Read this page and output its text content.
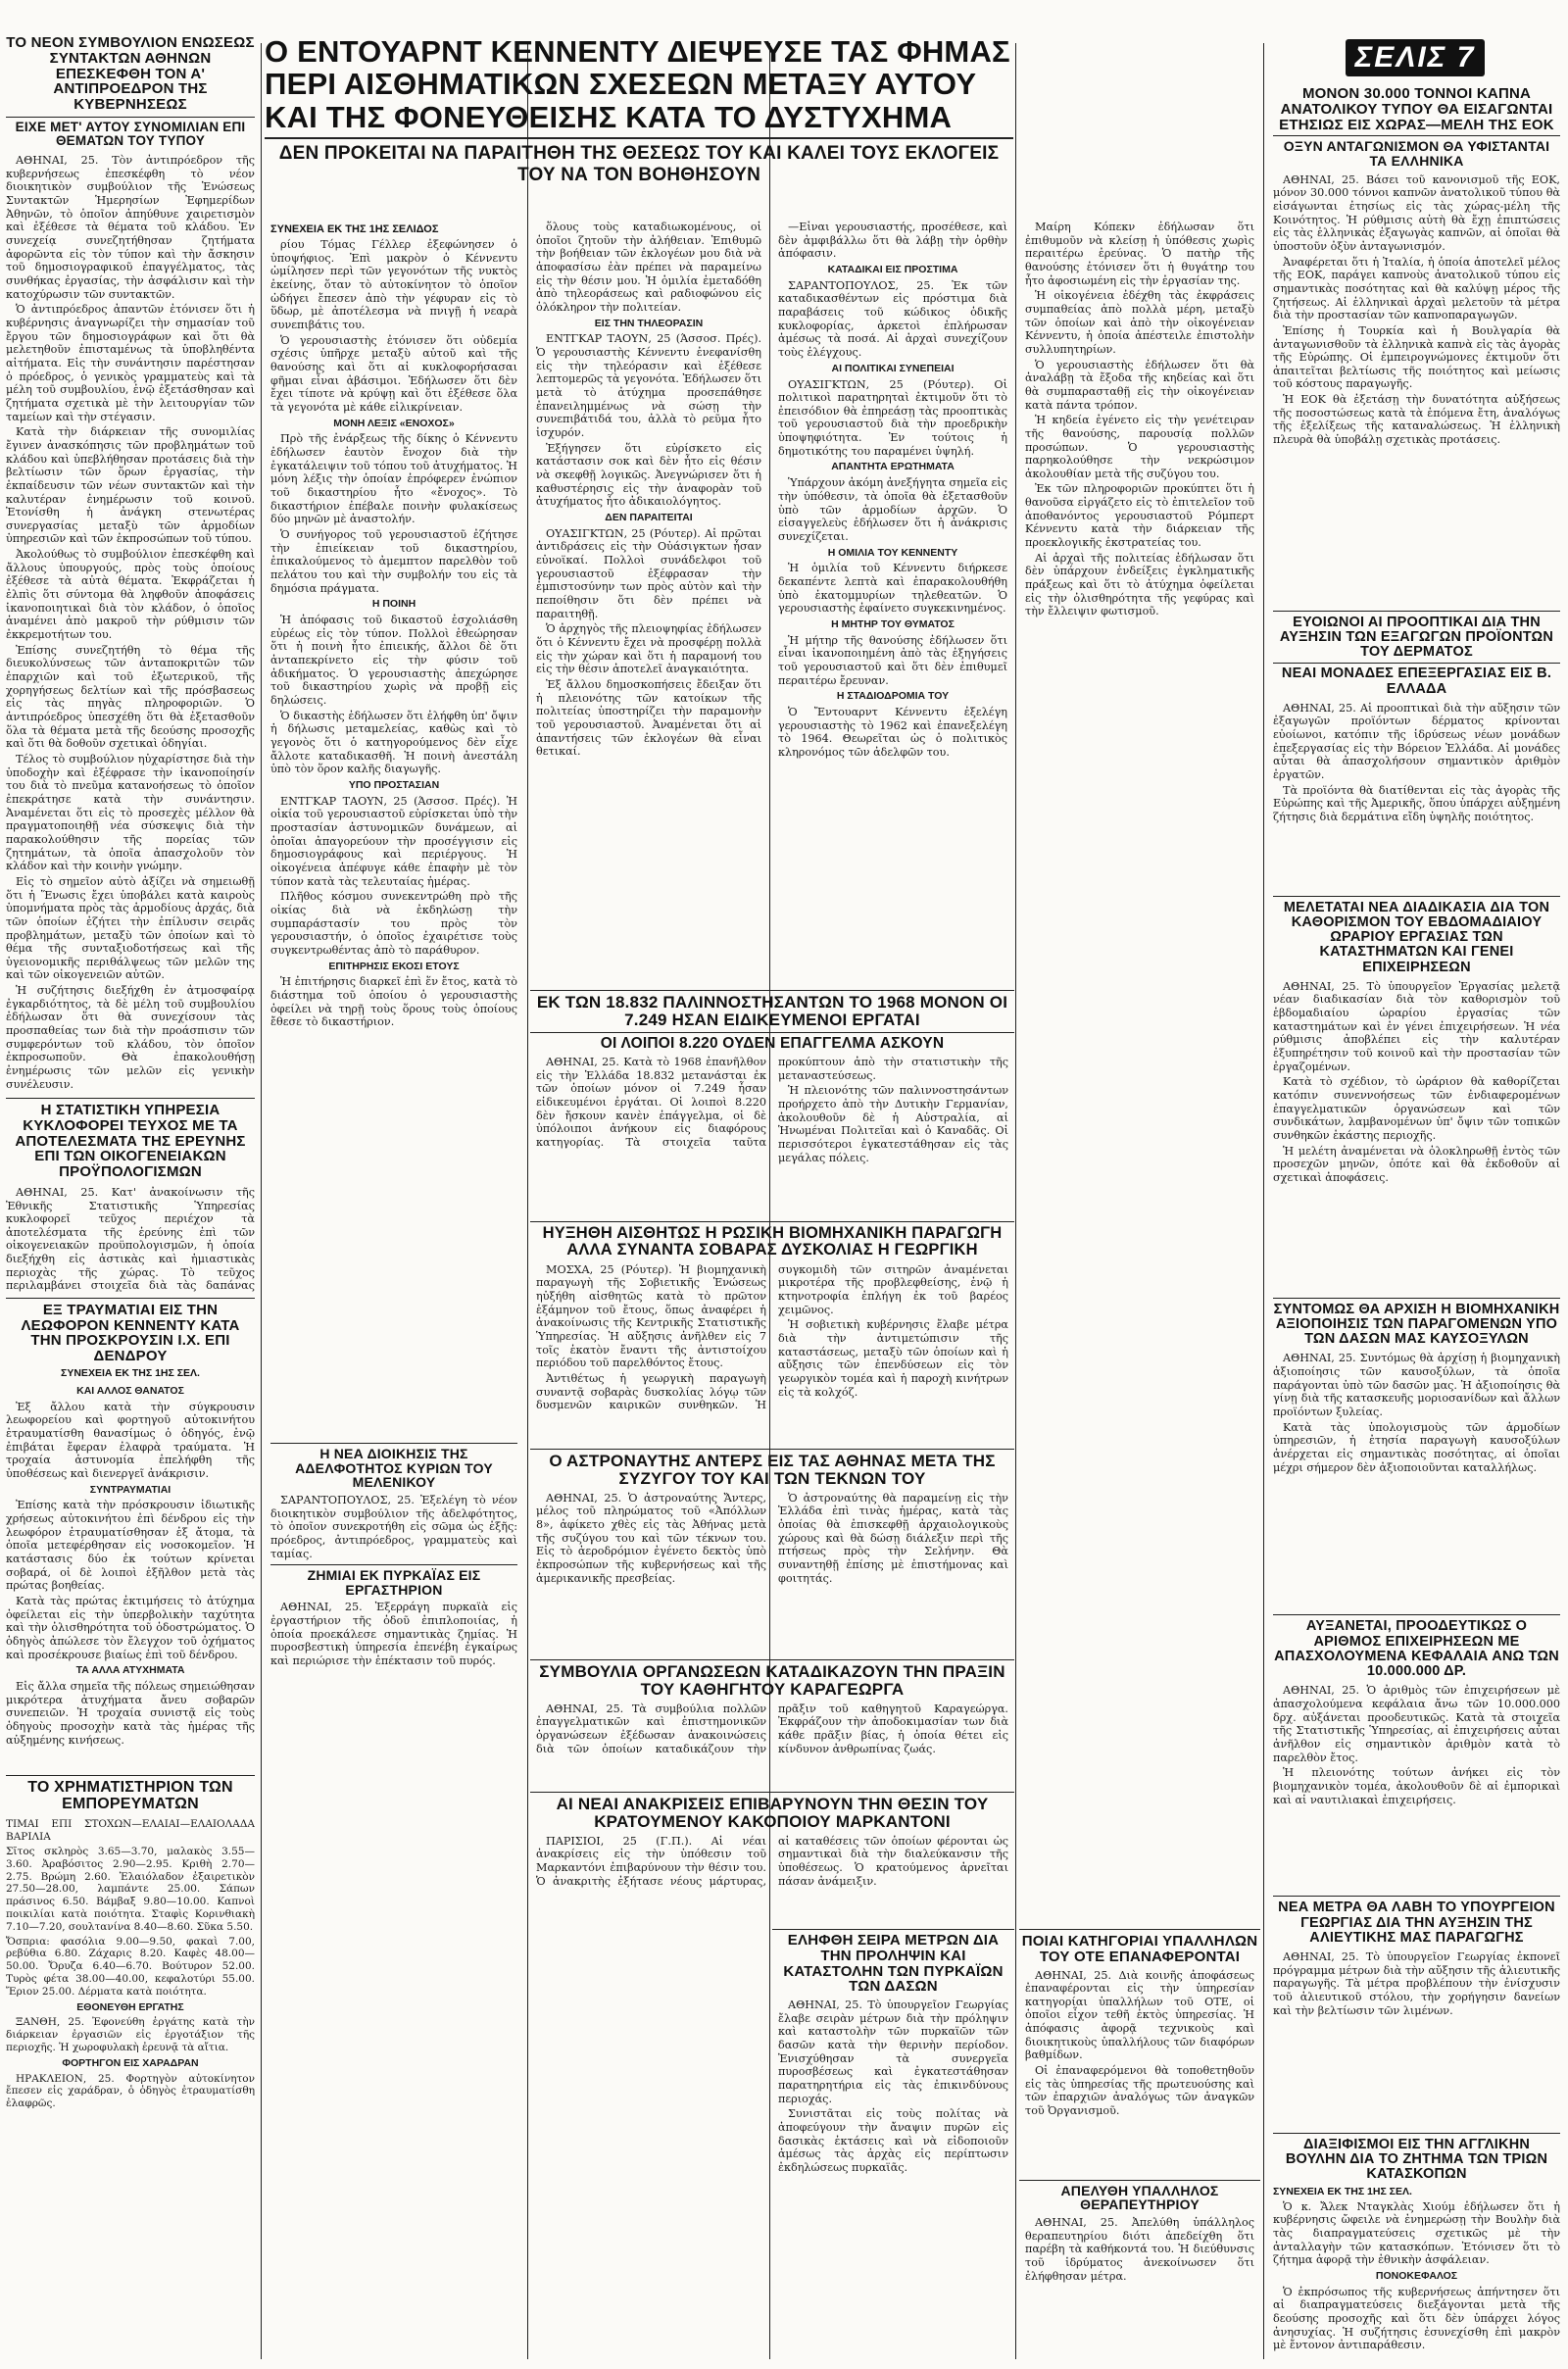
ΤΟ ΝΕΟΝ ΣΥΜΒΟΥΛΙΟΝ ΕΝΩΣΕΩΣ ΣΥΝΤΑΚΤΩΝ ΑΘΗΝΩΝ ΕΠΕΣΚΕΦΘΗ ΤΟΝ Α' ΑΝΤΙΠΡΟΕΔΡΟΝ ΤΗΣ ΚΥΒΕΡΝΗΣΕΩΣ
ΕΙΧΕ ΜΕΤ' ΑΥΤΟΥ ΣΥΝΟΜΙΛΙΑΝ ΕΠΙ ΘΕΜΑΤΩΝ ΤΟΥ ΤΥΠΟΥ

ΑΘΗΝΑΙ, 25. Τὸν ἀντιπρόεδρον τῆς κυβερνήσεως ἐπεσκέφθη τὸ νέον διοικητικὸν συμβούλιον τῆς Ἑνώσεως Συντακτῶν Ἡμερησίων Ἐφημερίδων Ἀθηνῶν, τὸ ὁποῖον ἀπηύθυνε χαιρετισμὸν καὶ ἐξέθεσε τὰ θέματα τοῦ κλάδου. Ἐν συνεχείᾳ συνεζητήθησαν ζητήματα ἀφορῶντα εἰς τὸν τύπον καὶ τὴν ἄσκησιν τοῦ δημοσιογραφικοῦ ἐπαγγέλματος, τὰς συνθήκας ἐργασίας, τὴν ἀσφάλισιν καὶ τὴν κατοχύρωσιν τῶν συντακτῶν.

Ὁ ἀντιπρόεδρος ἀπαντῶν ἐτόνισεν ὅτι ἡ κυβέρνησις ἀναγνωρίζει τὴν σημασίαν τοῦ ἔργου τῶν δημοσιογράφων καὶ ὅτι θὰ μελετηθοῦν ἐπισταμένως τὰ ὑποβληθέντα αἰτήματα. Εἰς τὴν συνάντησιν παρέστησαν ὁ πρόεδρος, ὁ γενικὸς γραμματεὺς καὶ τὰ μέλη τοῦ συμβουλίου, ἐνῷ ἐξετάσθησαν καὶ ζητήματα σχετικὰ μὲ τὴν λειτουργίαν τῶν ταμείων καὶ τὴν στέγασιν.

Κατὰ τὴν διάρκειαν τῆς συνομιλίας ἔγινεν ἀνασκόπησις τῶν προβλημάτων τοῦ κλάδου καὶ ὑπεβλήθησαν προτάσεις διὰ τὴν βελτίωσιν τῶν ὅρων ἐργασίας, τὴν ἐκπαίδευσιν τῶν νέων συντακτῶν καὶ τὴν καλυτέραν ἐνημέρωσιν τοῦ κοινοῦ. Ἐτονίσθη ἡ ἀνάγκη στενωτέρας συνεργασίας μεταξὺ τῶν ἁρμοδίων ὑπηρεσιῶν καὶ τῶν ἐκπροσώπων τοῦ τύπου.

Ἀκολούθως τὸ συμβούλιον ἐπεσκέφθη καὶ ἄλλους ὑπουργούς, πρὸς τοὺς ὁποίους ἐξέθεσε τὰ αὐτὰ θέματα. Ἐκφράζεται ἡ ἐλπὶς ὅτι σύντομα θὰ ληφθοῦν ἀποφάσεις ἱκανοποιητικαὶ διὰ τὸν κλάδον, ὁ ὁποῖος ἀναμένει ἀπὸ μακροῦ τὴν ρύθμισιν τῶν ἐκκρεμοτήτων του.

Ἐπίσης συνεζητήθη τὸ θέμα τῆς διευκολύνσεως τῶν ἀνταποκριτῶν τῶν ἐπαρχιῶν καὶ τοῦ ἐξωτερικοῦ, τῆς χορηγήσεως δελτίων καὶ τῆς πρόσβασεως εἰς τὰς πηγὰς πληροφοριῶν. Ὁ ἀντιπρόεδρος ὑπεσχέθη ὅτι θὰ ἐξετασθοῦν ὅλα τὰ θέματα μετὰ τῆς δεούσης προσοχῆς καὶ ὅτι θὰ δοθοῦν σχετικαὶ ὁδηγίαι.

Τέλος τὸ συμβούλιον ηὐχαρίστησε διὰ τὴν ὑποδοχὴν καὶ ἐξέφρασε τὴν ἱκανοποίησίν του διὰ τὸ πνεῦμα κατανοήσεως τὸ ὁποῖον ἐπεκράτησε κατὰ τὴν συνάντησιν. Ἀναμένεται ὅτι εἰς τὸ προσεχὲς μέλλον θὰ πραγματοποιηθῇ νέα σύσκεψις διὰ τὴν παρακολούθησιν τῆς πορείας τῶν ζητημάτων, τὰ ὁποῖα ἀπασχολοῦν τὸν κλάδον καὶ τὴν κοινὴν γνώμην.

Εἰς τὸ σημεῖον αὐτὸ ἀξίζει νὰ σημειωθῇ ὅτι ἡ Ἕνωσις ἔχει ὑποβάλει κατὰ καιροὺς ὑπομνήματα πρὸς τὰς ἁρμοδίους ἀρχάς, διὰ τῶν ὁποίων ἐζήτει τὴν ἐπίλυσιν σειρᾶς προβλημάτων, μεταξὺ τῶν ὁποίων καὶ τὸ θέμα τῆς συνταξιοδοτήσεως καὶ τῆς ὑγειονομικῆς περιθάλψεως τῶν μελῶν της καὶ τῶν οἰκογενειῶν αὐτῶν.

Ἡ συζήτησις διεξήχθη ἐν ἀτμοσφαίρᾳ ἐγκαρδιότητος, τὰ δὲ μέλη τοῦ συμβουλίου ἐδήλωσαν ὅτι θὰ συνεχίσουν τὰς προσπαθείας των διὰ τὴν προάσπισιν τῶν συμφερόντων τοῦ κλάδου, τὸν ὁποῖον ἐκπροσωποῦν. Θὰ ἐπακολουθήσῃ ἐνημέρωσις τῶν μελῶν εἰς γενικὴν συνέλευσιν.

Η ΣΤΑΤΙΣΤΙΚΗ ΥΠΗΡΕΣΙΑ ΚΥΚΛΟΦΟΡΕΙ ΤΕΥΧΟΣ ΜΕ ΤΑ ΑΠΟΤΕΛΕΣΜΑΤΑ ΤΗΣ ΕΡΕΥΝΗΣ ΕΠΙ ΤΩΝ ΟΙΚΟΓΕΝΕΙΑΚΩΝ ΠΡΟΫΠΟΛΟΓΙΣΜΩΝ

ΑΘΗΝΑΙ, 25. Κατ' ἀνακοίνωσιν τῆς Ἐθνικῆς Στατιστικῆς Ὑπηρεσίας κυκλοφορεῖ τεῦχος περιέχον τὰ ἀποτελέσματα τῆς ἐρεύνης ἐπὶ τῶν οἰκογενειακῶν προϋπολογισμῶν, ἡ ὁποία διεξήχθη εἰς ἀστικὰς καὶ ἡμιαστικὰς περιοχὰς τῆς χώρας. Τὸ τεῦχος περιλαμβάνει στοιχεῖα διὰ τὰς δαπάνας

ΕΞ ΤΡΑΥΜΑΤΙΑΙ ΕΙΣ ΤΗΝ ΛΕΩΦΟΡΟΝ ΚΕΝΝΕΝΤΥ ΚΑΤΑ ΤΗΝ ΠΡΟΣΚΡΟΥΣΙΝ Ι.Χ. ΕΠΙ ΔΕΝΔΡΟΥ
ΣΥΝΕΧΕΙΑ ΕΚ ΤΗΣ 1ΗΣ ΣΕΛ.
ΚΑΙ ΑΛΛΟΣ ΘΑΝΑΤΟΣ

Ἐξ ἄλλου κατὰ τὴν σύγκρουσιν λεωφορείου καὶ φορτηγοῦ αὐτοκινήτου ἐτραυματίσθη θανασίμως ὁ ὁδηγός, ἐνῷ ἐπιβάται ἔφεραν ἐλαφρὰ τραύματα. Ἡ τροχαία ἀστυνομία ἐπελήφθη τῆς ὑποθέσεως καὶ διενεργεῖ ἀνάκρισιν.

ΣΥΝΤΡΑΥΜΑΤΙΑΙ

Ἐπίσης κατὰ τὴν πρόσκρουσιν ἰδιωτικῆς χρήσεως αὐτοκινήτου ἐπὶ δένδρου εἰς τὴν λεωφόρον ἐτραυματίσθησαν ἐξ ἄτομα, τὰ ὁποῖα μετεφέρθησαν εἰς νοσοκομεῖον. Ἡ κατάστασις δύο ἐκ τούτων κρίνεται σοβαρά, οἱ δὲ λοιποὶ ἐξῆλθον μετὰ τὰς πρώτας βοηθείας.

Κατὰ τὰς πρώτας ἐκτιμήσεις τὸ ἀτύχημα ὀφείλεται εἰς τὴν ὑπερβολικὴν ταχύτητα καὶ τὴν ὀλισθηρότητα τοῦ ὁδοστρώματος. Ὁ ὁδηγὸς ἀπώλεσε τὸν ἔλεγχον τοῦ ὀχήματος καὶ προσέκρουσε βιαίως ἐπὶ τοῦ δένδρου.

ΤΑ ΑΛΛΑ ΑΤΥΧΗΜΑΤΑ

Εἰς ἄλλα σημεῖα τῆς πόλεως σημειώθησαν μικρότερα ἀτυχήματα ἄνευ σοβαρῶν συνεπειῶν. Ἡ τροχαία συνιστᾷ εἰς τοὺς ὁδηγοὺς προσοχὴν κατὰ τὰς ἡμέρας τῆς αὐξημένης κινήσεως.

ΤΟ ΧΡΗΜΑΤΙΣΤΗΡΙΟΝ ΤΩΝ ΕΜΠΟΡΕΥΜΑΤΩΝ

ΤΙΜΑΙ ΕΠΙ ΣΤΟΧΩΝ—ΕΛΑΙΑΙ—ΕΛΑΙΟΛΑΔΑ ΒΑΡΙΛΙΑ

Σῖτος σκληρὸς 3.65—3.70, μαλακὸς 3.55—3.60. Ἀραβόσιτος 2.90—2.95. Κριθὴ 2.70—2.75. Βρώμη 2.60. Ἐλαιόλαδον ἐξαιρετικὸν 27.50—28.00, λαμπάντε 25.00. Σάπων πράσινος 6.50. Βάμβαξ 9.80—10.00. Καπνοὶ ποικιλίαι κατὰ ποιότητα. Σταφὶς Κορινθιακὴ 7.10—7.20, σουλτανίνα 8.40—8.60. Σῦκα 5.50.

Ὄσπρια: φασόλια 9.00—9.50, φακαὶ 7.00, ρεβύθια 6.80. Ζάχαρις 8.20. Καφὲς 48.00—50.00. Ὄρυζα 6.40—6.70. Βούτυρον 52.00. Τυρὸς φέτα 38.00—40.00, κεφαλοτύρι 55.00. Ἔριον 25.00. Δέρματα κατὰ ποιότητα.

ΕΘΟΝΕΥΘΗ ΕΡΓΑΤΗΣ

ΞΑΝΘΗ, 25. Ἐφονεύθη ἐργάτης κατὰ τὴν διάρκειαν ἐργασιῶν εἰς ἐργοτάξιον τῆς περιοχῆς. Ἡ χωροφυλακὴ ἐρευνᾷ τὰ αἴτια.

ΦΟΡΤΗΓΟΝ ΕΙΣ ΧΑΡΑΔΡΑΝ

ΗΡΑΚΛΕΙΟΝ, 25. Φορτηγὸν αὐτοκίνητον ἔπεσεν εἰς χαράδραν, ὁ ὁδηγὸς ἐτραυματίσθη ἐλαφρῶς.

Ο ΕΝΤΟΥΑΡΝΤ ΚΕΝΝΕΝΤΥ ΔΙΕΨΕΥΣΕ ΤΑΣ ΦΗΜΑΣ ΠΕΡΙ ΑΙΣΘΗΜΑΤΙΚΩΝ ΣΧΕΣΕΩΝ ΜΕΤΑΞΥ ΑΥΤΟΥ ΚΑΙ ΤΗΣ ΦΟΝΕΥΘΕΙΣΗΣ ΚΑΤΑ ΤΟ ΔΥΣΤΥΧΗΜΑ
ΔΕΝ ΠΡΟΚΕΙΤΑΙ ΝΑ ΠΑΡΑΙΤΗΘΗ ΤΗΣ ΘΕΣΕΩΣ ΤΟΥ ΚΑΙ ΚΑΛΕΙ ΤΟΥΣ ΕΚΛΟΓΕΙΣ ΤΟΥ ΝΑ ΤΟΝ ΒΟΗΘΗΣΟΥΝ
ΣΕΛΙΣ 7
ΣΥΝΕΧΕΙΑ ΕΚ ΤΗΣ 1ΗΣ ΣΕΛΙΔΟΣ

ρίου Τόμας Γέλλερ ἐξεφώνησεν ὁ ὑποψήφιος. Ἐπὶ μακρὸν ὁ Κέννεντυ ὡμίλησεν περὶ τῶν γεγονότων τῆς νυκτὸς ἐκείνης, ὅταν τὸ αὐτοκίνητον τὸ ὁποῖον ὡδήγει ἔπεσεν ἀπὸ τὴν γέφυραν εἰς τὸ ὕδωρ, μὲ ἀποτέλεσμα νὰ πνιγῇ ἡ νεαρὰ συνεπιβάτις του.

Ὁ γερουσιαστὴς ἐτόνισεν ὅτι οὐδεμία σχέσις ὑπῆρχε μεταξὺ αὐτοῦ καὶ τῆς θανούσης καὶ ὅτι αἱ κυκλοφορήσασαι φῆμαι εἶναι ἀβάσιμοι. Ἐδήλωσεν ὅτι δὲν ἔχει τίποτε νὰ κρύψῃ καὶ ὅτι ἐξέθεσε ὅλα τὰ γεγονότα μὲ κάθε εἰλικρίνειαν.

ΜΟΝΗ ΛΕΞΙΣ «ΕΝΟΧΟΣ»

Πρὸ τῆς ἐνάρξεως τῆς δίκης ὁ Κέννεντυ ἐδήλωσεν ἑαυτὸν ἔνοχον διὰ τὴν ἐγκατάλειψιν τοῦ τόπου τοῦ ἀτυχήματος. Ἡ μόνη λέξις τὴν ὁποίαν ἐπρόφερεν ἐνώπιον τοῦ δικαστηρίου ἦτο «ἔνοχος». Τὸ δικαστήριον ἐπέβαλε ποινὴν φυλακίσεως δύο μηνῶν μὲ ἀναστολήν.

Ὁ συνήγορος τοῦ γερουσιαστοῦ ἐζήτησε τὴν ἐπιείκειαν τοῦ δικαστηρίου, ἐπικαλούμενος τὸ ἀμεμπτον παρελθὸν τοῦ πελάτου του καὶ τὴν συμβολήν του εἰς τὰ δημόσια πράγματα.

Η ΠΟΙΝΗ

Ἡ ἀπόφασις τοῦ δικαστοῦ ἐσχολιάσθη εὐρέως εἰς τὸν τύπον. Πολλοὶ ἐθεώρησαν ὅτι ἡ ποινὴ ἦτο ἐπιεικής, ἄλλοι δὲ ὅτι ἀνταπεκρίνετο εἰς τὴν φύσιν τοῦ ἀδικήματος. Ὁ γερουσιαστὴς ἀπεχώρησε τοῦ δικαστηρίου χωρὶς νὰ προβῇ εἰς δηλώσεις.

Ὁ δικαστὴς ἐδήλωσεν ὅτι ἐλήφθη ὑπ' ὄψιν ἡ δήλωσις μεταμελείας, καθὼς καὶ τὸ γεγονὸς ὅτι ὁ κατηγορούμενος δὲν εἶχε ἄλλοτε καταδικασθῆ. Ἡ ποινὴ ἀνεστάλη ὑπὸ τὸν ὅρον καλῆς διαγωγῆς.

ΥΠΟ ΠΡΟΣΤΑΣΙΑΝ

ΕΝΤΓΚΑΡ ΤΑΟΥΝ, 25 (Άσσοσ. Πρές). Ἡ οἰκία τοῦ γερουσιαστοῦ εὑρίσκεται ὑπὸ τὴν προστασίαν ἀστυνομικῶν δυνάμεων, αἱ ὁποῖαι ἀπαγορεύουν τὴν προσέγγισιν εἰς δημοσιογράφους καὶ περιέργους. Ἡ οἰκογένεια ἀπέφυγε κάθε ἐπαφὴν μὲ τὸν τύπον κατὰ τὰς τελευταίας ἡμέρας.

Πλῆθος κόσμου συνεκεντρώθη πρὸ τῆς οἰκίας διὰ νὰ ἐκδηλώσῃ τὴν συμπαράστασίν του πρὸς τὸν γερουσιαστήν, ὁ ὁποῖος ἐχαιρέτισε τοὺς συγκεντρωθέντας ἀπὸ τὸ παράθυρον.

ΕΠΙΤΗΡΗΣΙΣ ΕΚΟΣΙ ΕΤΟΥΣ

Ἡ ἐπιτήρησις διαρκεῖ ἐπὶ ἕν ἔτος, κατὰ τὸ διάστημα τοῦ ὁποίου ὁ γερουσιαστὴς ὀφείλει νὰ τηρῇ τοὺς ὅρους τοὺς ὁποίους ἔθεσε τὸ δικαστήριον.

Η ΝΕΑ ΔΙΟΙΚΗΣΙΣ ΤΗΣ ΑΔΕΛΦΟΤΗΤΟΣ ΚΥΡΙΩΝ ΤΟΥ ΜΕΛΕΝΙΚΟΥ

ΣΑΡΑΝΤΟΠΟΥΛΟΣ, 25. Ἐξελέγη τὸ νέον διοικητικὸν συμβούλιον τῆς ἀδελφότητος, τὸ ὁποῖον συνεκροτήθη εἰς σῶμα ὡς ἑξῆς: πρόεδρος, ἀντιπρόεδρος, γραμματεὺς καὶ ταμίας.

ΖΗΜΙΑΙ ΕΚ ΠΥΡΚΑΪΑΣ ΕΙΣ ΕΡΓΑΣΤΗΡΙΟΝ

ΑΘΗΝΑΙ, 25. Ἐξερράγη πυρκαϊὰ εἰς ἐργαστήριον τῆς ὁδοῦ ἐπιπλοποιίας, ἡ ὁποία προεκάλεσε σημαντικὰς ζημίας. Ἡ πυροσβεστικὴ ὑπηρεσία ἐπενέβη ἐγκαίρως καὶ περιώρισε τὴν ἐπέκτασιν τοῦ πυρός.

ὅλους τοὺς καταδιωκομένους, οἱ ὁποῖοι ζητοῦν τὴν ἀλήθειαν. Ἐπιθυμῶ τὴν βοήθειαν τῶν ἐκλογέων μου διὰ νὰ ἀποφασίσω ἐὰν πρέπει νὰ παραμείνω εἰς τὴν θέσιν μου. Ἡ ὁμιλία ἐμεταδόθη ἀπὸ τηλεοράσεως καὶ ραδιοφώνου εἰς ὁλόκληρον τὴν πολιτείαν.

ΕΙΣ ΤΗΝ ΤΗΛΕΟΡΑΣΙΝ

ΕΝΤΓΚΑΡ ΤΑΟΥΝ, 25 (Άσσοσ. Πρές). Ὁ γερουσιαστὴς Κέννεντυ ἐνεφανίσθη εἰς τὴν τηλεόρασιν καὶ ἐξέθεσε λεπτομερῶς τὰ γεγονότα. Ἐδήλωσεν ὅτι μετὰ τὸ ἀτύχημα προσεπάθησε ἐπανειλημμένως νὰ σώσῃ τὴν συνεπιβάτιδά του, ἀλλὰ τὸ ρεῦμα ἦτο ἰσχυρόν.

Ἐξήγησεν ὅτι εὑρίσκετο εἰς κατάστασιν σοκ καὶ δὲν ἦτο εἰς θέσιν νὰ σκεφθῇ λογικῶς. Ἀνεγνώρισεν ὅτι ἡ καθυστέρησις εἰς τὴν ἀναφορὰν τοῦ ἀτυχήματος ἦτο ἀδικαιολόγητος.

ΔΕΝ ΠΑΡΑΙΤΕΙΤΑΙ

ΟΥΑΣΙΓΚΤΩΝ, 25 (Ρόυτερ). Αἱ πρῶται ἀντιδράσεις εἰς τὴν Οὐάσιγκτων ἦσαν εὐνοϊκαί. Πολλοὶ συνάδελφοι τοῦ γερουσιαστοῦ ἐξέφρασαν τὴν ἐμπιστοσύνην των πρὸς αὐτὸν καὶ τὴν πεποίθησιν ὅτι δὲν πρέπει νὰ παραιτηθῇ.

Ὁ ἀρχηγὸς τῆς πλειοψηφίας ἐδήλωσεν ὅτι ὁ Κέννεντυ ἔχει νὰ προσφέρῃ πολλὰ εἰς τὴν χώραν καὶ ὅτι ἡ παραμονή του εἰς τὴν θέσιν ἀποτελεῖ ἀναγκαιότητα.

Ἐξ ἄλλου δημοσκοπήσεις ἔδειξαν ὅτι ἡ πλειονότης τῶν κατοίκων τῆς πολιτείας ὑποστηρίζει τὴν παραμονὴν τοῦ γερουσιαστοῦ. Ἀναμένεται ὅτι αἱ ἀπαντήσεις τῶν ἐκλογέων θὰ εἶναι θετικαί.

—Εἶναι γερουσιαστής, προσέθεσε, καὶ δὲν ἀμφιβάλλω ὅτι θὰ λάβῃ τὴν ὀρθὴν ἀπόφασιν.

ΚΑΤΑΔΙΚΑΙ ΕΙΣ ΠΡΟΣΤΙΜΑ

ΣΑΡΑΝΤΟΠΟΥΛΟΣ, 25. Ἐκ τῶν καταδικασθέντων εἰς πρόστιμα διὰ παραβάσεις τοῦ κώδικος ὁδικῆς κυκλοφορίας, ἀρκετοὶ ἐπλήρωσαν ἀμέσως τὰ ποσά. Αἱ ἀρχαὶ συνεχίζουν τοὺς ἐλέγχους.

ΑΙ ΠΟΛΙΤΙΚΑΙ ΣΥΝΕΠΕΙΑΙ

ΟΥΑΣΙΓΚΤΩΝ, 25 (Ρόυτερ). Οἱ πολιτικοὶ παρατηρηταὶ ἐκτιμοῦν ὅτι τὸ ἐπεισόδιον θὰ ἐπηρεάσῃ τὰς προοπτικὰς τοῦ γερουσιαστοῦ διὰ τὴν προεδρικὴν ὑποψηφιότητα. Ἐν τούτοις ἡ δημοτικότης του παραμένει ὑψηλή.

ΑΠΑΝΤΗΤΑ ΕΡΩΤΗΜΑΤΑ

Ὑπάρχουν ἀκόμη ἀνεξήγητα σημεῖα εἰς τὴν ὑπόθεσιν, τὰ ὁποῖα θὰ ἐξετασθοῦν ὑπὸ τῶν ἁρμοδίων ἀρχῶν. Ὁ εἰσαγγελεὺς ἐδήλωσεν ὅτι ἡ ἀνάκρισις συνεχίζεται.

Η ΟΜΙΛΙΑ ΤΟΥ ΚΕΝΝΕΝΤΥ

Ἡ ὁμιλία τοῦ Κέννεντυ διήρκεσε δεκαπέντε λεπτὰ καὶ ἐπαρακολουθήθη ὑπὸ ἑκατομμυρίων τηλεθεατῶν. Ὁ γερουσιαστὴς ἐφαίνετο συγκεκινημένος.

Η ΜΗΤΗΡ ΤΟΥ ΘΥΜΑΤΟΣ

Ἡ μήτηρ τῆς θανούσης ἐδήλωσεν ὅτι εἶναι ἱκανοποιημένη ἀπὸ τὰς ἐξηγήσεις τοῦ γερουσιαστοῦ καὶ ὅτι δὲν ἐπιθυμεῖ περαιτέρω ἔρευναν.

Η ΣΤΑΔΙΟΔΡΟΜΙΑ ΤΟΥ

Ὁ Ἔντουαρντ Κέννεντυ ἐξελέγη γερουσιαστὴς τὸ 1962 καὶ ἐπανεξελέγη τὸ 1964. Θεωρεῖται ὡς ὁ πολιτικὸς κληρονόμος τῶν ἀδελφῶν του.

ΕΚ ΤΩΝ 18.832 ΠΑΛΙΝΝΟΣΤΗΣΑΝΤΩΝ ΤΟ 1968 ΜΟΝΟΝ ΟΙ 7.249 ΗΣΑΝ ΕΙΔΙΚΕΥΜΕΝΟΙ ΕΡΓΑΤΑΙ
ΟΙ ΛΟΙΠΟΙ 8.220 ΟΥΔΕΝ ΕΠΑΓΓΕΛΜΑ ΑΣΚΟΥΝ

ΑΘΗΝΑΙ, 25. Κατὰ τὸ 1968 ἐπανῆλθον εἰς τὴν Ἑλλάδα 18.832 μετανάσται ἐκ τῶν ὁποίων μόνον οἱ 7.249 ἦσαν εἰδικευμένοι ἐργάται. Οἱ λοιποὶ 8.220 δὲν ἤσκουν κανὲν ἐπάγγελμα, οἱ δὲ ὑπόλοιποι ἀνήκουν εἰς διαφόρους κατηγορίας. Τὰ στοιχεῖα ταῦτα προκύπτουν ἀπὸ τὴν στατιστικὴν τῆς μεταναστεύσεως.

Ἡ πλειονότης τῶν παλιννοστησάντων προήρχετο ἀπὸ τὴν Δυτικὴν Γερμανίαν, ἀκολουθοῦν δὲ ἡ Αὐστραλία, αἱ Ἡνωμέναι Πολιτεῖαι καὶ ὁ Καναδᾶς. Οἱ περισσότεροι ἐγκατεστάθησαν εἰς τὰς μεγάλας πόλεις.

ΗΥΞΗΘΗ ΑΙΣΘΗΤΩΣ Η ΡΩΣΙΚΗ ΒΙΟΜΗΧΑΝΙΚΗ ΠΑΡΑΓΩΓΗ ΑΛΛΑ ΣΥΝΑΝΤΑ ΣΟΒΑΡΑΣ ΔΥΣΚΟΛΙΑΣ Η ΓΕΩΡΓΙΚΗ

ΜΟΣΧΑ, 25 (Ρόυτερ). Ἡ βιομηχανικὴ παραγωγὴ τῆς Σοβιετικῆς Ἑνώσεως ηὐξήθη αἰσθητῶς κατὰ τὸ πρῶτον ἑξάμηνον τοῦ ἔτους, ὅπως ἀναφέρει ἡ ἀνακοίνωσις τῆς Κεντρικῆς Στατιστικῆς Ὑπηρεσίας. Ἡ αὔξησις ἀνῆλθεν εἰς 7 τοῖς ἑκατὸν ἔναντι τῆς ἀντιστοίχου περιόδου τοῦ παρελθόντος ἔτους.

Ἀντιθέτως ἡ γεωργικὴ παραγωγὴ συναντᾷ σοβαρὰς δυσκολίας λόγῳ τῶν δυσμενῶν καιρικῶν συνθηκῶν. Ἡ συγκομιδὴ τῶν σιτηρῶν ἀναμένεται μικροτέρα τῆς προβλεφθείσης, ἐνῷ ἡ κτηνοτροφία ἐπλήγη ἐκ τοῦ βαρέος χειμῶνος.

Ἡ σοβιετικὴ κυβέρνησις ἔλαβε μέτρα διὰ τὴν ἀντιμετώπισιν τῆς καταστάσεως, μεταξὺ τῶν ὁποίων καὶ ἡ αὔξησις τῶν ἐπενδύσεων εἰς τὸν γεωργικὸν τομέα καὶ ἡ παροχὴ κινήτρων εἰς τὰ κολχόζ.

Ο ΑΣΤΡΟΝΑΥΤΗΣ ΑΝΤΕΡΣ ΕΙΣ ΤΑΣ ΑΘΗΝΑΣ ΜΕΤΑ ΤΗΣ ΣΥΖΥΓΟΥ ΤΟΥ ΚΑΙ ΤΩΝ ΤΕΚΝΩΝ ΤΟΥ

ΑΘΗΝΑΙ, 25. Ὁ ἀστροναύτης Ἄντερς, μέλος τοῦ πληρώματος τοῦ «Ἀπόλλων 8», ἀφίκετο χθὲς εἰς τὰς Ἀθήνας μετὰ τῆς συζύγου του καὶ τῶν τέκνων του. Εἰς τὸ ἀεροδρόμιον ἐγένετο δεκτὸς ὑπὸ ἐκπροσώπων τῆς κυβερνήσεως καὶ τῆς ἀμερικανικῆς πρεσβείας.

Ὁ ἀστροναύτης θὰ παραμείνῃ εἰς τὴν Ἑλλάδα ἐπὶ τινὰς ἡμέρας, κατὰ τὰς ὁποίας θὰ ἐπισκεφθῇ ἀρχαιολογικοὺς χώρους καὶ θὰ δώσῃ διάλεξιν περὶ τῆς πτήσεως πρὸς τὴν Σελήνην. Θὰ συναντηθῇ ἐπίσης μὲ ἐπιστήμονας καὶ φοιτητάς.

ΣΥΜΒΟΥΛΙΑ ΟΡΓΑΝΩΣΕΩΝ ΚΑΤΑΔΙΚΑΖΟΥΝ ΤΗΝ ΠΡΑΞΙΝ ΤΟΥ ΚΑΘΗΓΗΤΟΥ ΚΑΡΑΓΕΩΡΓΑ

ΑΘΗΝΑΙ, 25. Τὰ συμβούλια πολλῶν ἐπαγγελματικῶν καὶ ἐπιστημονικῶν ὀργανώσεων ἐξέδωσαν ἀνακοινώσεις διὰ τῶν ὁποίων καταδικάζουν τὴν πρᾶξιν τοῦ καθηγητοῦ Καραγεώργα. Ἐκφράζουν τὴν ἀποδοκιμασίαν των διὰ κάθε πρᾶξιν βίας, ἡ ὁποία θέτει εἰς κίνδυνον ἀνθρωπίνας ζωάς.

ΑΙ ΝΕΑΙ ΑΝΑΚΡΙΣΕΙΣ ΕΠΙΒΑΡΥΝΟΥΝ ΤΗΝ ΘΕΣΙΝ ΤΟΥ ΚΡΑΤΟΥΜΕΝΟΥ ΚΑΚΟΠΟΙΟΥ ΜΑΡΚΑΝΤΟΝΙ

ΠΑΡΙΣΙΟΙ, 25 (Γ.Π.). Αἱ νέαι ἀνακρίσεις εἰς τὴν ὑπόθεσιν τοῦ Μαρκαντόνι ἐπιβαρύνουν τὴν θέσιν του. Ὁ ἀνακριτὴς ἐξήτασε νέους μάρτυρας, αἱ καταθέσεις τῶν ὁποίων φέρονται ὡς σημαντικαὶ διὰ τὴν διαλεύκανσιν τῆς ὑποθέσεως. Ὁ κρατούμενος ἀρνεῖται πάσαν ἀνάμειξιν.

ΕΛΗΦΘΗ ΣΕΙΡΑ ΜΕΤΡΩΝ ΔΙΑ ΤΗΝ ΠΡΟΛΗΨΙΝ ΚΑΙ ΚΑΤΑΣΤΟΛΗΝ ΤΩΝ ΠΥΡΚΑΪΩΝ ΤΩΝ ΔΑΣΩΝ

ΑΘΗΝΑΙ, 25. Τὸ ὑπουργεῖον Γεωργίας ἔλαβε σειρὰν μέτρων διὰ τὴν πρόληψιν καὶ καταστολὴν τῶν πυρκαϊῶν τῶν δασῶν κατὰ τὴν θερινὴν περίοδον. Ἐνισχύθησαν τὰ συνεργεῖα πυροσβέσεως καὶ ἐγκατεστάθησαν παρατηρητήρια εἰς τὰς ἐπικινδύνους περιοχάς.

Συνιστᾶται εἰς τοὺς πολίτας νὰ ἀποφεύγουν τὴν ἄναψιν πυρῶν εἰς δασικὰς ἐκτάσεις καὶ νὰ εἰδοποιοῦν ἀμέσως τὰς ἀρχὰς εἰς περίπτωσιν ἐκδηλώσεως πυρκαϊᾶς.

ΠΟΙΑΙ ΚΑΤΗΓΟΡΙΑΙ ΥΠΑΛΛΗΛΩΝ ΤΟΥ ΟΤΕ ΕΠΑΝΑΦΕΡΟΝΤΑΙ

ΑΘΗΝΑΙ, 25. Διὰ κοινῆς ἀποφάσεως ἐπαναφέρονται εἰς τὴν ὑπηρεσίαν κατηγορίαι ὑπαλλήλων τοῦ ΟΤΕ, οἱ ὁποῖοι εἶχον τεθῆ ἐκτὸς ὑπηρεσίας. Ἡ ἀπόφασις ἀφορᾷ τεχνικοὺς καὶ διοικητικοὺς ὑπαλλήλους τῶν διαφόρων βαθμίδων.

Οἱ ἐπαναφερόμενοι θὰ τοποθετηθοῦν εἰς τὰς ὑπηρεσίας τῆς πρωτευούσης καὶ τῶν ἐπαρχιῶν ἀναλόγως τῶν ἀναγκῶν τοῦ Ὀργανισμοῦ.

ΑΠΕΛΥΘΗ ΥΠΑΛΛΗΛΟΣ ΘΕΡΑΠΕΥΤΗΡΙΟΥ

ΑΘΗΝΑΙ, 25. Ἀπελύθη ὑπάλληλος θεραπευτηρίου διότι ἀπεδείχθη ὅτι παρέβη τὰ καθήκοντά του. Ἡ διεύθυνσις τοῦ ἱδρύματος ἀνεκοίνωσεν ὅτι ἐλήφθησαν μέτρα.

Μαίρη Κόπεκν ἐδήλωσαν ὅτι ἐπιθυμοῦν νὰ κλείσῃ ἡ ὑπόθεσις χωρὶς περαιτέρω ἐρεύνας. Ὁ πατὴρ τῆς θανούσης ἐτόνισεν ὅτι ἡ θυγάτηρ του ἦτο ἀφοσιωμένη εἰς τὴν ἐργασίαν της.

Ἡ οἰκογένεια ἐδέχθη τὰς ἐκφράσεις συμπαθείας ἀπὸ πολλὰ μέρη, μεταξὺ τῶν ὁποίων καὶ ἀπὸ τὴν οἰκογένειαν Κέννεντυ, ἡ ὁποία ἀπέστειλε ἐπιστολὴν συλλυπητηρίων.

Ὁ γερουσιαστὴς ἐδήλωσεν ὅτι θὰ ἀναλάβῃ τὰ ἔξοδα τῆς κηδείας καὶ ὅτι θὰ συμπαρασταθῇ εἰς τὴν οἰκογένειαν κατὰ πάντα τρόπον.

Ἡ κηδεία ἐγένετο εἰς τὴν γενέτειραν τῆς θανούσης, παρουσίᾳ πολλῶν προσώπων. Ὁ γερουσιαστὴς παρηκολούθησε τὴν νεκρώσιμον ἀκολουθίαν μετὰ τῆς συζύγου του.

Ἐκ τῶν πληροφοριῶν προκύπτει ὅτι ἡ θανοῦσα εἰργάζετο εἰς τὸ ἐπιτελεῖον τοῦ ἀποθανόντος γερουσιαστοῦ Ρόμπερτ Κέννεντυ κατὰ τὴν διάρκειαν τῆς προεκλογικῆς ἐκστρατείας του.

Αἱ ἀρχαὶ τῆς πολιτείας ἐδήλωσαν ὅτι δὲν ὑπάρχουν ἐνδείξεις ἐγκληματικῆς πράξεως καὶ ὅτι τὸ ἀτύχημα ὀφείλεται εἰς τὴν ὀλισθηρότητα τῆς γεφύρας καὶ τὴν ἔλλειψιν φωτισμοῦ.

ΜΟΝΟΝ 30.000 ΤΟΝΝΟΙ ΚΑΠΝΑ ΑΝΑΤΟΛΙΚΟΥ ΤΥΠΟΥ ΘΑ ΕΙΣΑΓΩΝΤΑΙ ΕΤΗΣΙΩΣ ΕΙΣ ΧΩΡΑΣ—ΜΕΛΗ ΤΗΣ ΕΟΚ
ΟΞΥΝ ΑΝΤΑΓΩΝΙΣΜΟΝ ΘΑ ΥΦΙΣΤΑΝΤΑΙ ΤΑ ΕΛΛΗΝΙΚΑ

ΑΘΗΝΑΙ, 25. Βάσει τοῦ κανονισμοῦ τῆς ΕΟΚ, μόνον 30.000 τόννοι καπνῶν ἀνατολικοῦ τύπου θὰ εἰσάγωνται ἐτησίως εἰς τὰς χώρας-μέλη τῆς Κοινότητος. Ἡ ρύθμισις αὐτὴ θὰ ἔχῃ ἐπιπτώσεις εἰς τὰς ἑλληνικὰς ἐξαγωγὰς καπνῶν, αἱ ὁποῖαι θὰ ὑποστοῦν ὀξὺν ἀνταγωνισμόν.

Ἀναφέρεται ὅτι ἡ Ἰταλία, ἡ ὁποία ἀποτελεῖ μέλος τῆς ΕΟΚ, παράγει καπνοὺς ἀνατολικοῦ τύπου εἰς σημαντικὰς ποσότητας καὶ θὰ καλύψῃ μέρος τῆς ζητήσεως. Αἱ ἑλληνικαὶ ἀρχαὶ μελετοῦν τὰ μέτρα διὰ τὴν προστασίαν τῶν καπνοπαραγωγῶν.

Ἐπίσης ἡ Τουρκία καὶ ἡ Βουλγαρία θὰ ἀνταγωνισθοῦν τὰ ἑλληνικὰ καπνὰ εἰς τὰς ἀγορὰς τῆς Εὐρώπης. Οἱ ἐμπειρογνώμονες ἐκτιμοῦν ὅτι ἀπαιτεῖται βελτίωσις τῆς ποιότητος καὶ μείωσις τοῦ κόστους παραγωγῆς.

Ἡ ΕΟΚ θὰ ἐξετάσῃ τὴν δυνατότητα αὐξήσεως τῆς ποσοστώσεως κατὰ τὰ ἑπόμενα ἔτη, ἀναλόγως τῆς ἐξελίξεως τῆς καταναλώσεως. Ἡ ἑλληνικὴ πλευρὰ θὰ ὑποβάλῃ σχετικὰς προτάσεις.

ΕΥΟΙΩΝΟΙ ΑΙ ΠΡΟΟΠΤΙΚΑΙ ΔΙΑ ΤΗΝ ΑΥΞΗΣΙΝ ΤΩΝ ΕΞΑΓΩΓΩΝ ΠΡΟΪΟΝΤΩΝ ΤΟΥ ΔΕΡΜΑΤΟΣ
ΝΕΑΙ ΜΟΝΑΔΕΣ ΕΠΕΞΕΡΓΑΣΙΑΣ ΕΙΣ Β. ΕΛΛΑΔΑ

ΑΘΗΝΑΙ, 25. Αἱ προοπτικαὶ διὰ τὴν αὔξησιν τῶν ἐξαγωγῶν προϊόντων δέρματος κρίνονται εὐοίωνοι, κατόπιν τῆς ἱδρύσεως νέων μονάδων ἐπεξεργασίας εἰς τὴν Βόρειον Ἑλλάδα. Αἱ μονάδες αὗται θὰ ἀπασχολήσουν σημαντικὸν ἀριθμὸν ἐργατῶν.

Τὰ προϊόντα θὰ διατίθενται εἰς τὰς ἀγορὰς τῆς Εὐρώπης καὶ τῆς Ἀμερικῆς, ὅπου ὑπάρχει αὐξημένη ζήτησις διὰ δερμάτινα εἴδη ὑψηλῆς ποιότητος.

ΜΕΛΕΤΑΤΑΙ ΝΕΑ ΔΙΑΔΙΚΑΣΙΑ ΔΙΑ ΤΟΝ ΚΑΘΟΡΙΣΜΟΝ ΤΟΥ ΕΒΔΟΜΑΔΙΑΙΟΥ ΩΡΑΡΙΟΥ ΕΡΓΑΣΙΑΣ ΤΩΝ ΚΑΤΑΣΤΗΜΑΤΩΝ ΚΑΙ ΓΕΝΕΙ ΕΠΙΧΕΙΡΗΣΕΩΝ

ΑΘΗΝΑΙ, 25. Τὸ ὑπουργεῖον Ἐργασίας μελετᾷ νέαν διαδικασίαν διὰ τὸν καθορισμὸν τοῦ ἑβδομαδιαίου ὡραρίου ἐργασίας τῶν καταστημάτων καὶ ἐν γένει ἐπιχειρήσεων. Ἡ νέα ρύθμισις ἀποβλέπει εἰς τὴν καλυτέραν ἐξυπηρέτησιν τοῦ κοινοῦ καὶ τὴν προστασίαν τῶν ἐργαζομένων.

Κατὰ τὸ σχέδιον, τὸ ὡράριον θὰ καθορίζεται κατόπιν συνεννοήσεως τῶν ἐνδιαφερομένων ἐπαγγελματικῶν ὀργανώσεων καὶ τῶν συνδικάτων, λαμβανομένων ὑπ' ὄψιν τῶν τοπικῶν συνθηκῶν ἑκάστης περιοχῆς.

Ἡ μελέτη ἀναμένεται νὰ ὁλοκληρωθῇ ἐντὸς τῶν προσεχῶν μηνῶν, ὁπότε καὶ θὰ ἐκδοθοῦν αἱ σχετικαὶ ἀποφάσεις.

ΣΥΝΤΟΜΩΣ ΘΑ ΑΡΧΙΣΗ Η ΒΙΟΜΗΧΑΝΙΚΗ ΑΞΙΟΠΟΙΗΣΙΣ ΤΩΝ ΠΑΡΑΓΟΜΕΝΩΝ ΥΠΟ ΤΩΝ ΔΑΣΩΝ ΜΑΣ ΚΑΥΣΟΞΥΛΩΝ

ΑΘΗΝΑΙ, 25. Συντόμως θὰ ἀρχίσῃ ἡ βιομηχανικὴ ἀξιοποίησις τῶν καυσοξύλων, τὰ ὁποῖα παράγονται ὑπὸ τῶν δασῶν μας. Ἡ ἀξιοποίησις θὰ γίνῃ διὰ τῆς κατασκευῆς μοριοσανίδων καὶ ἄλλων προϊόντων ξυλείας.

Κατὰ τὰς ὑπολογισμοὺς τῶν ἁρμοδίων ὑπηρεσιῶν, ἡ ἐτησία παραγωγὴ καυσοξύλων ἀνέρχεται εἰς σημαντικὰς ποσότητας, αἱ ὁποῖαι μέχρι σήμερον δὲν ἀξιοποιοῦνται καταλλήλως.

ΑΥΞΑΝΕΤΑΙ, ΠΡΟΟΔΕΥΤΙΚΩΣ Ο ΑΡΙΘΜΟΣ ΕΠΙΧΕΙΡΗΣΕΩΝ ΜΕ ΑΠΑΣΧΟΛΟΥΜΕΝΑ ΚΕΦΑΛΑΙΑ ΑΝΩ ΤΩΝ 10.000.000 ΔΡ.

ΑΘΗΝΑΙ, 25. Ὁ ἀριθμὸς τῶν ἐπιχειρήσεων μὲ ἀπασχολούμενα κεφάλαια ἄνω τῶν 10.000.000 δρχ. αὐξάνεται προοδευτικῶς. Κατὰ τὰ στοιχεῖα τῆς Στατιστικῆς Ὑπηρεσίας, αἱ ἐπιχειρήσεις αὗται ἀνῆλθον εἰς σημαντικὸν ἀριθμὸν κατὰ τὸ παρελθὸν ἔτος.

Ἡ πλειονότης τούτων ἀνήκει εἰς τὸν βιομηχανικὸν τομέα, ἀκολουθοῦν δὲ αἱ ἐμπορικαὶ καὶ αἱ ναυτιλιακαὶ ἐπιχειρήσεις.

ΝΕΑ ΜΕΤΡΑ ΘΑ ΛΑΒΗ ΤΟ ΥΠΟΥΡΓΕΙΟΝ ΓΕΩΡΓΙΑΣ ΔΙΑ ΤΗΝ ΑΥΞΗΣΙΝ ΤΗΣ ΑΛΙΕΥΤΙΚΗΣ ΜΑΣ ΠΑΡΑΓΩΓΗΣ

ΑΘΗΝΑΙ, 25. Τὸ ὑπουργεῖον Γεωργίας ἐκπονεῖ πρόγραμμα μέτρων διὰ τὴν αὔξησιν τῆς ἁλιευτικῆς παραγωγῆς. Τὰ μέτρα προβλέπουν τὴν ἐνίσχυσιν τοῦ ἁλιευτικοῦ στόλου, τὴν χορήγησιν δανείων καὶ τὴν βελτίωσιν τῶν λιμένων.

ΔΙΑΞΙΦΙΣΜΟΙ ΕΙΣ ΤΗΝ ΑΓΓΛΙΚΗΝ ΒΟΥΛΗΝ ΔΙΑ ΤΟ ΖΗΤΗΜΑ ΤΩΝ ΤΡΙΩΝ ΚΑΤΑΣΚΟΠΩΝ
ΣΥΝΕΧΕΙΑ ΕΚ ΤΗΣ 1ΗΣ ΣΕΛ.

Ὁ κ. Ἄλεκ Νταγκλὰς Χιούμ ἐδήλωσεν ὅτι ἡ κυβέρνησις ὤφειλε νὰ ἐνημερώσῃ τὴν Βουλὴν διὰ τὰς διαπραγματεύσεις σχετικῶς μὲ τὴν ἀνταλλαγὴν τῶν κατασκόπων. Ἐτόνισεν ὅτι τὸ ζήτημα ἀφορᾷ τὴν ἐθνικὴν ἀσφάλειαν.

ΠΟΝΟΚΕΦΑΛΟΣ

Ὁ ἐκπρόσωπος τῆς κυβερνήσεως ἀπήντησεν ὅτι αἱ διαπραγματεύσεις διεξάγονται μετὰ τῆς δεούσης προσοχῆς καὶ ὅτι δὲν ὑπάρχει λόγος ἀνησυχίας. Ἡ συζήτησις ἐσυνεχίσθη ἐπὶ μακρὸν μὲ ἔντονον ἀντιπαράθεσιν.
